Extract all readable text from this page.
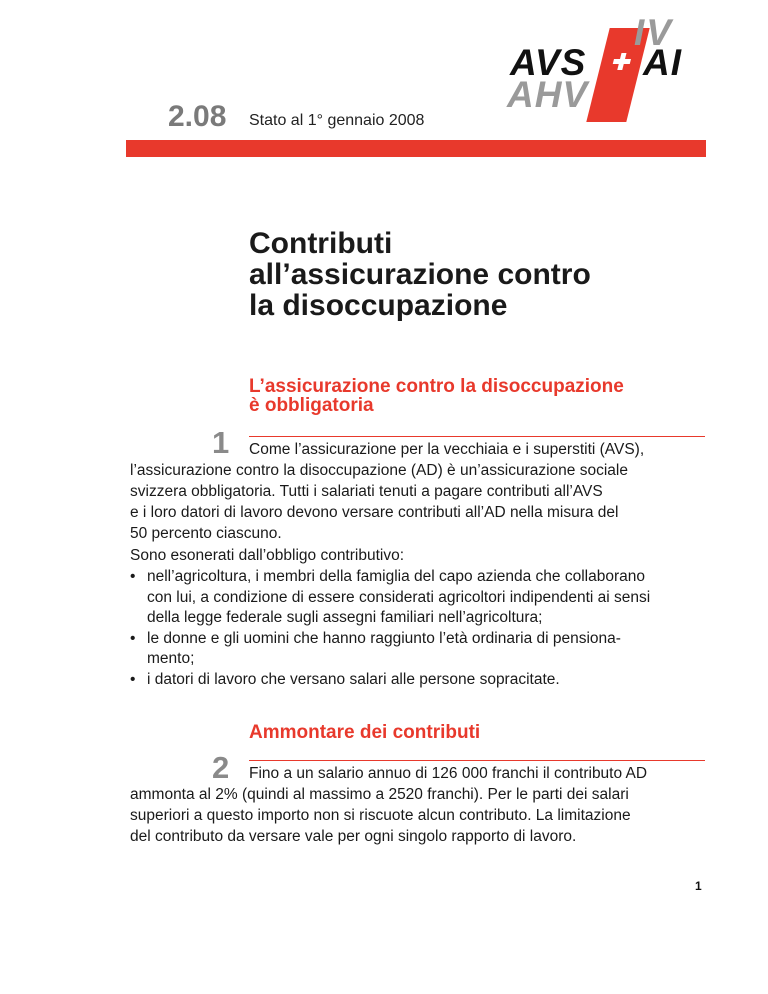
IV
AVS AI
AHV
2.08 Stato al 1° gennaio 2008
Contributi
all’assicurazione contro
la disoccupazione
L’assicurazione contro la disoccupazione
è obbligatoria
1 Come l’assicurazione per la vecchiaia e i superstiti (AVS),
l’assicurazione contro la disoccupazione (AD) è un’assicurazione sociale
svizzera obbligatoria. Tutti i salariati tenuti a pagare contributi all’AVS
e i loro datori di lavoro devono versare contributi all’AD nella misura del
50 percento ciascuno.
Sono esonerati dall’obbligo contributivo:
• nell’agricoltura, i membri della famiglia del capo azienda che collaborano
con lui, a condizione di essere considerati agricoltori indipendenti ai sensi
della legge federale sugli assegni familiari nell’agricoltura;
• le donne e gli uomini che hanno raggiunto l’età ordinaria di pensiona-
mento;
• i datori di lavoro che versano salari alle persone sopracitate.
Ammontare dei contributi
2 Fino a un salario annuo di 126 000 franchi il contributo AD
ammonta al 2% (quindi al massimo a 2520 franchi). Per le parti dei salari
superiori a questo importo non si riscuote alcun contributo. La limitazione
del contributo da versare vale per ogni singolo rapporto di lavoro.
1
